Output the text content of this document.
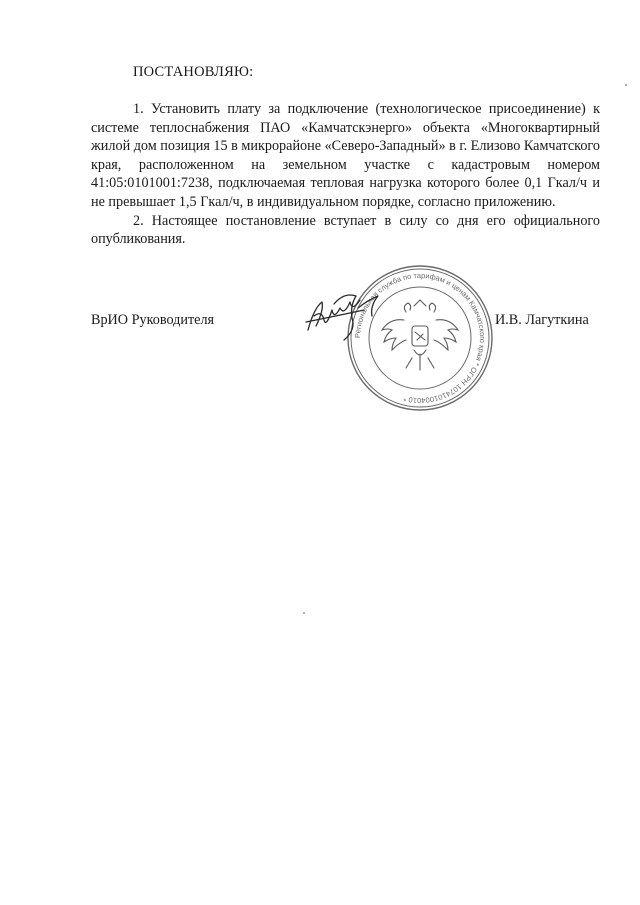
ПОСТАНОВЛЯЮ:

1. Установить плату за подключение (технологическое присоединение) к системе теплоснабжения ПАО «Камчатскэнерго» объекта «Многоквартирный жилой дом позиция 15 в микрорайоне «Северо-Западный» в г. Елизово Камчатского края, расположенном на земельном участке с кадастровым номером 41:05:0101001:7238, подключаемая тепловая нагрузка которого более 0,1 Гкал/ч и не превышает 1,5 Гкал/ч, в индивидуальном порядке, согласно приложению.

2. Настоящее постановление вступает в силу со дня его официального опубликования.

ВрИО Руководителя
Региональная служба по тарифам и ценам Камчатского края * ОГРН 1074101004010 *
И.В. Лагуткина
